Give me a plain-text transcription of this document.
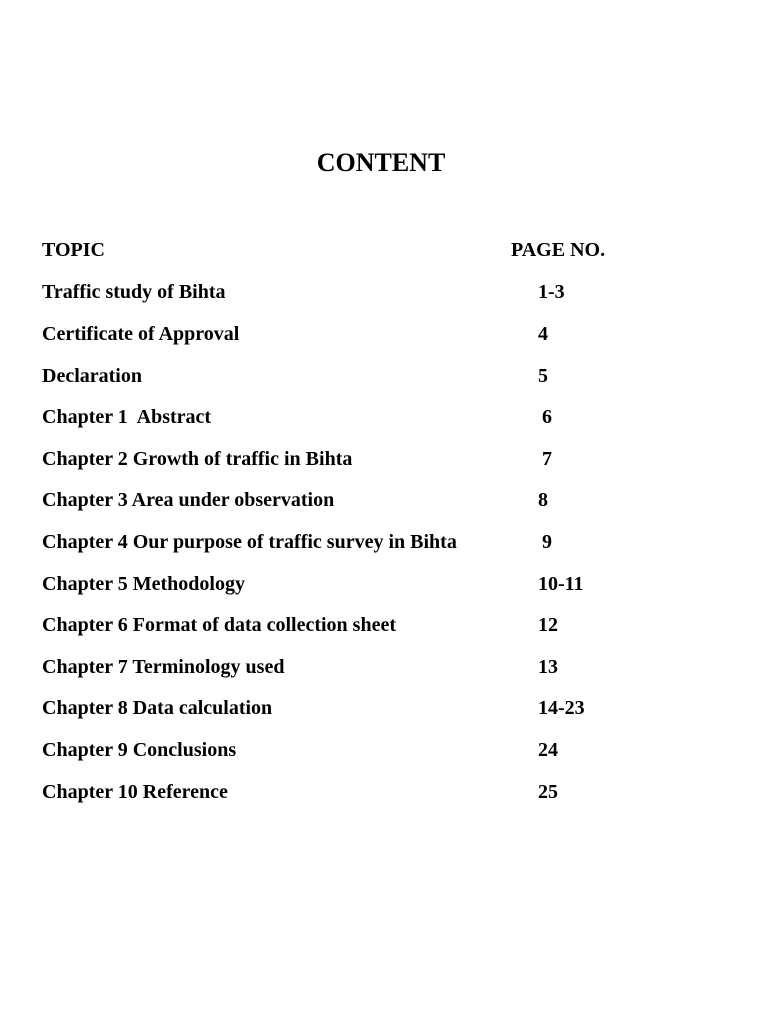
CONTENT
TOPIC	PAGE NO.
Traffic study of Bihta	1-3
Certificate of Approval	4
Declaration	5
Chapter 1  Abstract	6
Chapter 2 Growth of traffic in Bihta	7
Chapter 3 Area under observation	8
Chapter 4 Our purpose of traffic survey in Bihta	9
Chapter 5 Methodology	10-11
Chapter 6 Format of data collection sheet	12
Chapter 7 Terminology used	13
Chapter 8 Data calculation	14-23
Chapter 9 Conclusions	24
Chapter 10 Reference	25
